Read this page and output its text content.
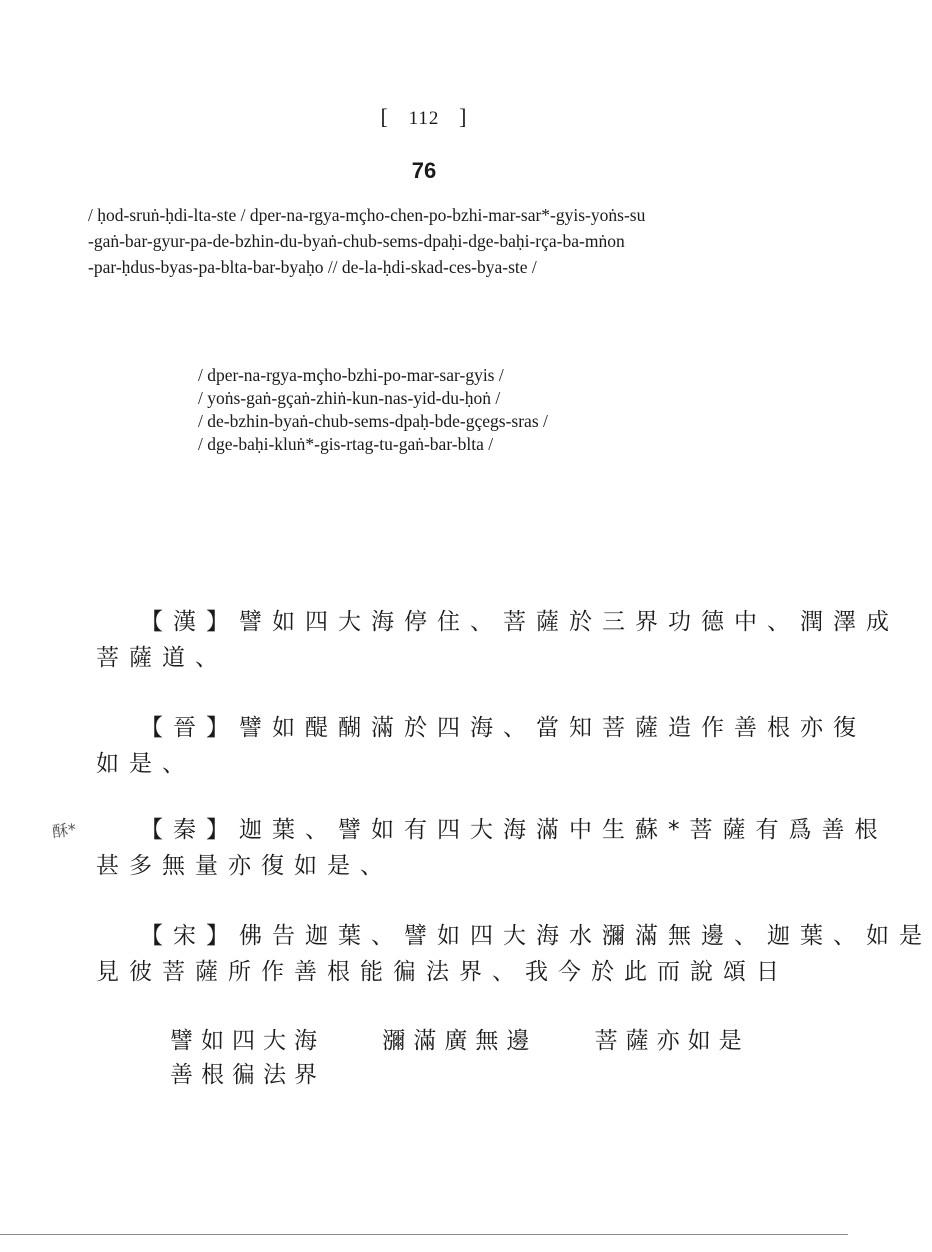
[ 112 ]
76
/ ḥod-sruṅ-ḥdi-lta-ste / dper-na-rgya-mçho-chen-po-bzhi-mar-sar*-gyis-yoṅs-su
-gaṅ-bar-gyur-pa-de-bzhin-du-byaṅ-chub-sems-dpaḥi-dge-baḥi-rça-ba-mṅon
-par-ḥdus-byas-pa-blta-bar-byaḥo // de-la-ḥdi-skad-ces-bya-ste /
/ dper-na-rgya-mçho-bzhi-po-mar-sar-gyis /
/ yoṅs-gaṅ-gçaṅ-zhiṅ-kun-nas-yid-du-ḥoṅ /
/ de-bzhin-byaṅ-chub-sems-dpaḥ-bde-gçegs-sras /
/ dge-baḥi-kluṅ*-gis-rtag-tu-gaṅ-bar-blta /
【漢】譬如四大海停住、菩薩於三界功德中、潤澤成
菩薩道、
【晉】譬如醍醐滿於四海、當知菩薩造作善根亦復
如是、
酥*	【秦】迦葉、譬如有四大海滿中生蘇*菩薩有爲善根
甚多無量亦復如是、
【宋】佛告迦葉、譬如四大海水瀰滿無邊、迦葉、如是
見彼菩薩所作善根能徧法界、我今於此而說頌日
譬如四大海 瀰滿廣無邊 菩薩亦如是
善根徧法界
